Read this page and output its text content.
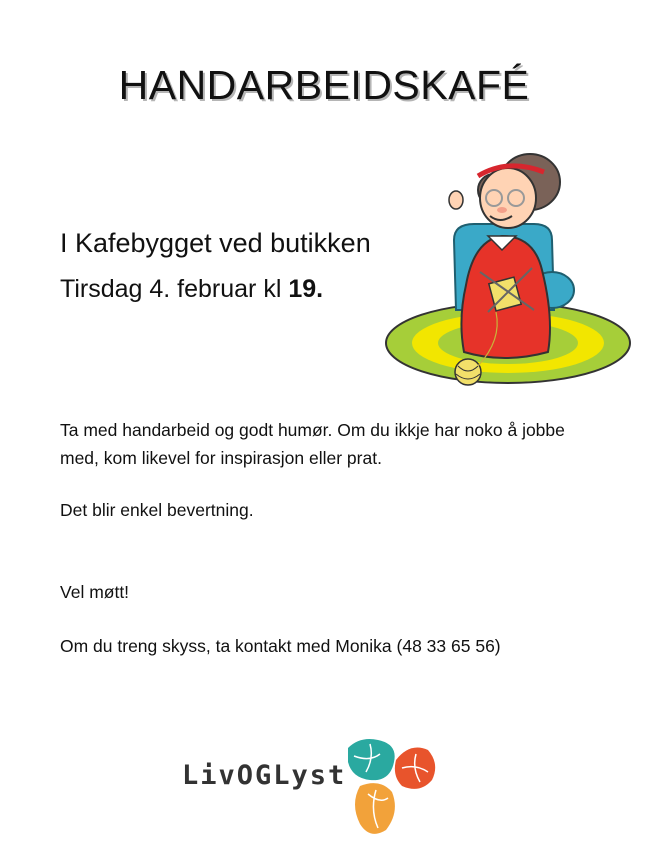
HANDARBEIDSKAFÉ
I Kafebygget ved butikken
Tirsdag 4. februar kl 19.
Ta med handarbeid og godt humør. Om du ikkje har noko å jobbe med, kom likevel for inspirasjon eller prat.
Det blir enkel bevertning.
Vel møtt!
Om du treng skyss, ta kontakt med Monika (48 33 65 56)
LivOGLyst
